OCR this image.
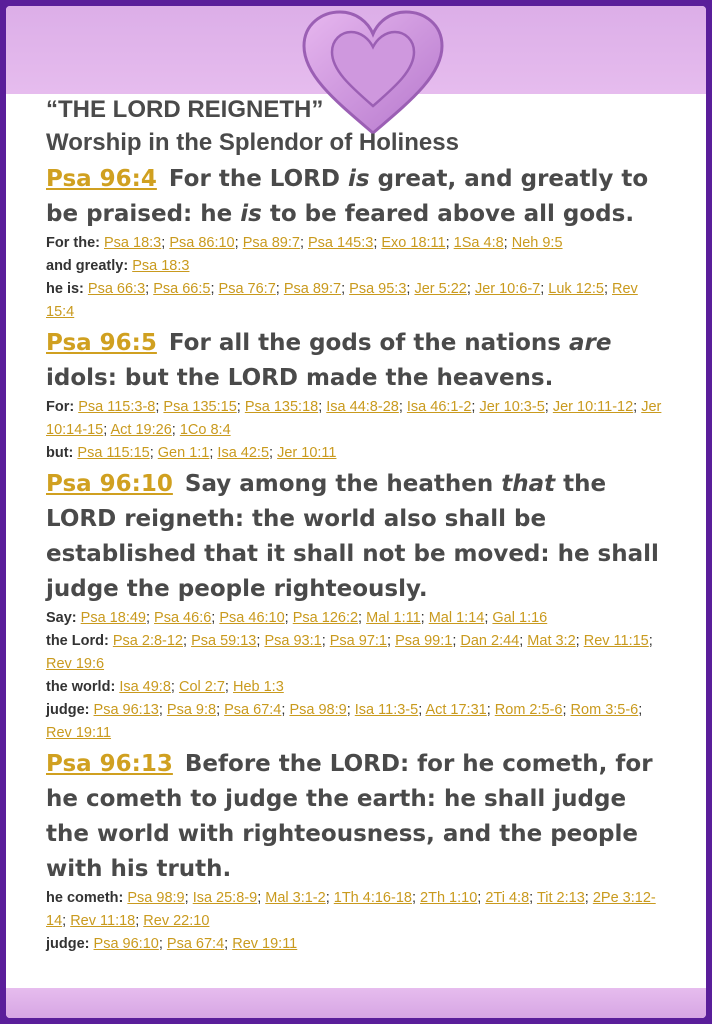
“THE LORD REIGNETH”
Worship in the Splendor of Holiness
Psa 96:4 For the LORD is great, and greatly to be praised: he is to be feared above all gods.
For the: Psa 18:3; Psa 86:10; Psa 89:7; Psa 145:3; Exo 18:11; 1Sa 4:8; Neh 9:5
and greatly: Psa 18:3
he is: Psa 66:3; Psa 66:5; Psa 76:7; Psa 89:7; Psa 95:3; Jer 5:22; Jer 10:6-7; Luk 12:5; Rev 15:4
Psa 96:5 For all the gods of the nations are idols: but the LORD made the heavens.
For: Psa 115:3-8; Psa 135:15; Psa 135:18; Isa 44:8-28; Isa 46:1-2; Jer 10:3-5; Jer 10:11-12; Jer 10:14-15; Act 19:26; 1Co 8:4
but: Psa 115:15; Gen 1:1; Isa 42:5; Jer 10:11
Psa 96:10 Say among the heathen that the LORD reigneth: the world also shall be established that it shall not be moved: he shall judge the people righteously.
Say: Psa 18:49; Psa 46:6; Psa 46:10; Psa 126:2; Mal 1:11; Mal 1:14; Gal 1:16
the Lord: Psa 2:8-12; Psa 59:13; Psa 93:1; Psa 97:1; Psa 99:1; Dan 2:44; Mat 3:2; Rev 11:15; Rev 19:6
the world: Isa 49:8; Col 2:7; Heb 1:3
judge: Psa 96:13; Psa 9:8; Psa 67:4; Psa 98:9; Isa 11:3-5; Act 17:31; Rom 2:5-6; Rom 3:5-6; Rev 19:11
Psa 96:13 Before the LORD: for he cometh, for he cometh to judge the earth: he shall judge the world with righteousness, and the people with his truth.
he cometh: Psa 98:9; Isa 25:8-9; Mal 3:1-2; 1Th 4:16-18; 2Th 1:10; 2Ti 4:8; Tit 2:13; 2Pe 3:12-14; Rev 11:18; Rev 22:10
judge: Psa 96:10; Psa 67:4; Rev 19:11
